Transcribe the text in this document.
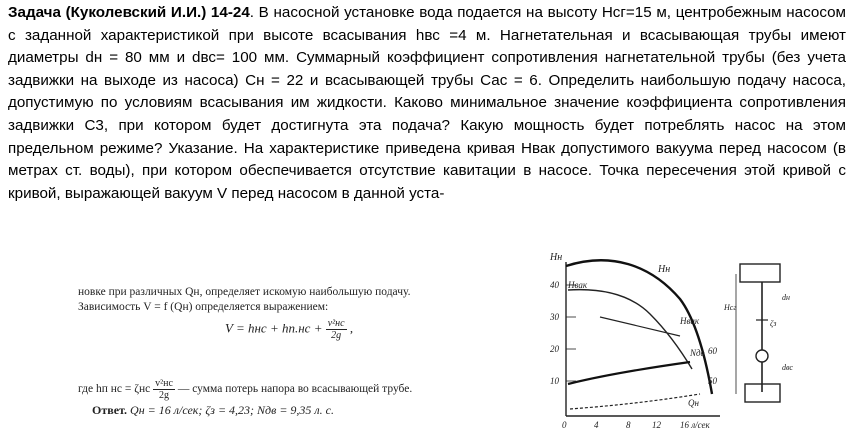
Задача (Куколевский И.И.) 14-24. В насосной установке вода подается на высоту Нсг=15 м, центробежным насосом с заданной характеристикой при высоте всасывания hвс =4 м. Нагнетательная и всасывающая трубы имеют диаметры dн = 80 мм и dвс= 100 мм. Суммарный коэффициент сопротивления нагнетательной трубы (без учета задвижки на выходе из насоса) Сн = 22 и всасывающей трубы Сас = 6. Определить наибольшую подачу насоса, допустимую по условиям всасывания им жидкости. Каково минимальное значение коэффициента сопротивления задвижки С3, при котором будет достигнута эта подача? Какую мощность будет потреблять насос на этом предельном режиме? Указание. На характеристике приведена кривая Нвак допустимого вакуума перед насосом (в метрах ст. воды), при котором обеспечивается отсутствие кавитации в насосе. Точка пересечения этой кривой с кривой, выражающей вакуум V перед насосом в данной уста-
новке при различных Qн, определяет искомую наибольшую подачу.
Зависимость V = f (Qн) определяется выражением:
V = hнс + $hп.нс + \frac{\text{v²нс}}{2g}$ ,
где hп нс = ζнс $\frac{\text{v²нс}}{2g}$ — сумма потерь напора во всасывающей трубе.
Ответ. Qн = 16 л/сек; ζз = 4,23; Nдв = 9,35 л. с.
Hн
40
30
20
10
0	4	8 12 16 л/сек
Hн
Hвак
Hвак
Nдв
Qн
60
50
Hсг
dн
ζз
dвс
